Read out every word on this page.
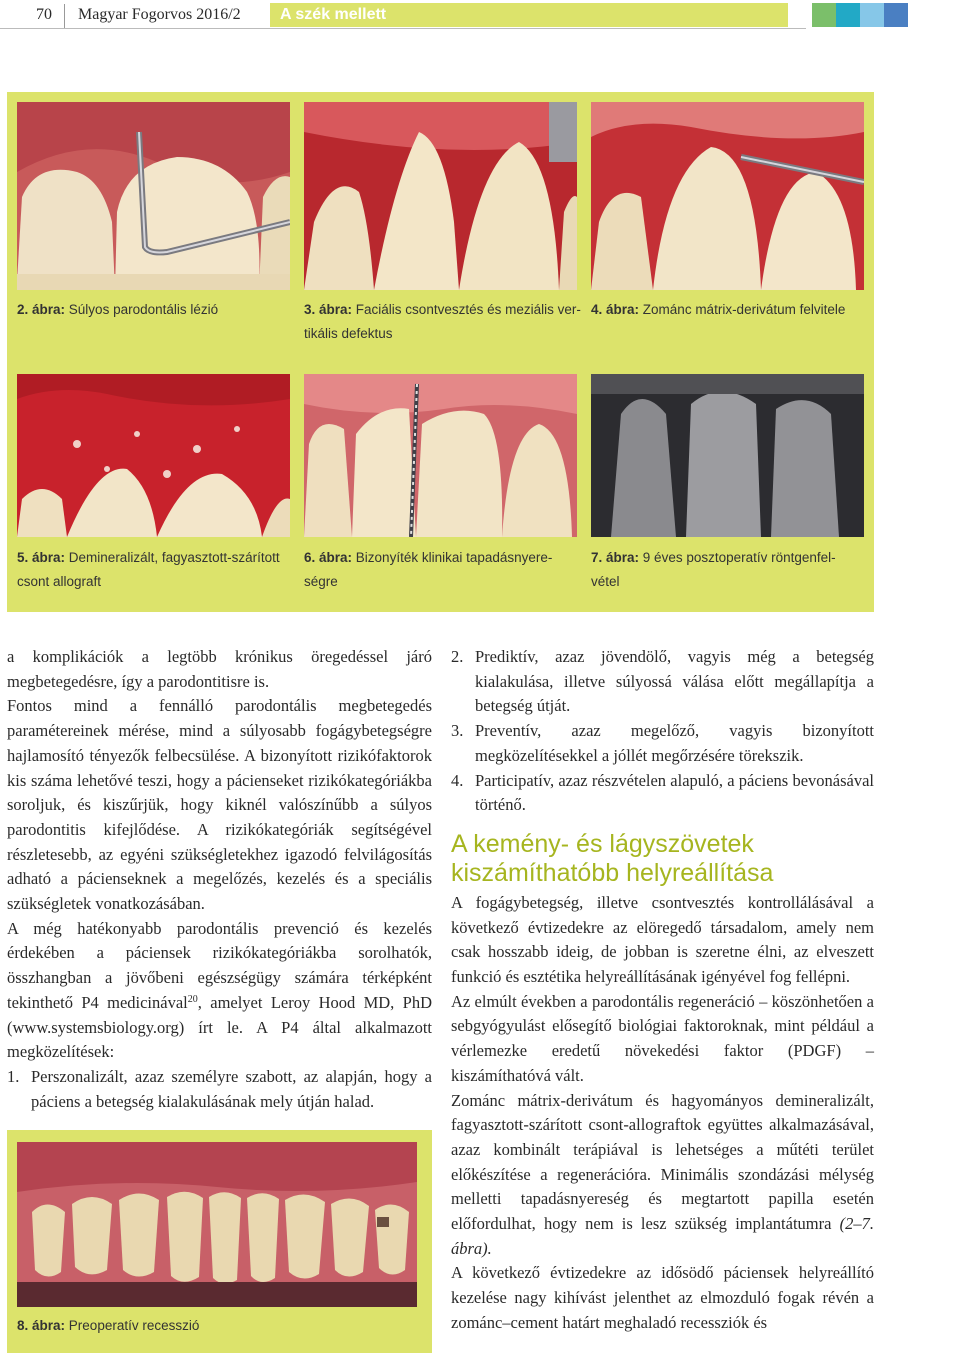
70	Magyar Fogorvos 2016/2	A szék mellett
2. ábra: Súlyos parodontális lézió	3. ábra: Faciális csontvesztés és meziális ver-
tikális defektus
4. ábra: Zománc mátrix-derivátum felvitele
5. ábra: Demineralizált, fagyasztott-szárított
csont allograft
6. ábra: Bizonyíték klinikai tapadásnyere-
ségre
7. ábra: 9 éves posztoperatív röntgenfel-
vétel

a komplikációk a legtöbb krónikus öregedéssel járó megbetegedésre, így a parodontitisre is.

Fontos mind a fennálló parodontális megbetegedés paramétereinek mérése, mind a súlyosabb fogágybetegségre hajlamosító tényezők felbecsülése. A bizonyított rizikófaktorok kis száma lehetővé teszi, hogy a pácienseket rizikókategóriákba soroljuk, és kiszűrjük, hogy kiknél valószínűbb a súlyos parodontitis kifejlődése. A rizikókategóriák segítségével részletesebb, az egyéni szükségletekhez igazodó felvilágosítás adható a pácienseknek a megelőzés, kezelés és a speciális szükségletek vonatkozásában.

A még hatékonyabb parodontális prevenció és kezelés érdekében a páciensek rizikókategóriákba sorolhatók, összhangban a jövőbeni egészségügy számára térképként tekinthető P4 medicinával$^{20}$, amelyet Leroy Hood MD, PhD (www.systemsbiology.org) írt le. A P4 által alkalmazott megközelítések:

1. Perszonalizált, azaz személyre szabott, az alapján, hogy a páciens a betegség kialakulásának mely útján halad.
8. ábra: Preoperatív recesszió
2. Prediktív, azaz jövendölő, vagyis még a betegség kialakulása, illetve súlyossá válása előtt megállapítja a betegség útját.
3. Preventív, azaz megelőző, vagyis bizonyított megközelítésekkel a jóllét megőrzésére törekszik.
4. Participatív, azaz részvételen alapuló, a páciens bevonásával történő.
A kemény- és lágyszövetek
kiszámíthatóbb helyreállítása

A fogágybetegség, illetve csontvesztés kontrollálásával a következő évtizedekre az elöregedő társadalom, amely nem csak hosszabb ideig, de jobban is szeretne élni, az elveszett funkció és esztétika helyreállításának igényével fog fellépni.

Az elmúlt években a parodontális regeneráció – köszönhetően a sebgyógyulást elősegítő biológiai faktoroknak, mint például a vérlemezke eredetű növekedési faktor (PDGF) – kiszámíthatóvá vált.

Zománc mátrix-derivátum és hagyományos demineralizált, fagyasztott-szárított csont-allograftok együttes alkalmazásával, azaz kombinált terápiával is lehetséges a műtéti terület előkészítése a regenerációra. Minimális szondázási mélység melletti tapadásnyereség és megtartott papilla esetén előfordulhat, hogy nem is lesz szükség implantátumra (2–7. ábra).

A következő évtizedekre az idősödő páciensek helyreállító kezelése nagy kihívást jelenthet az elmozduló fogak révén a zománc–cement határt meghaladó recessziók és
